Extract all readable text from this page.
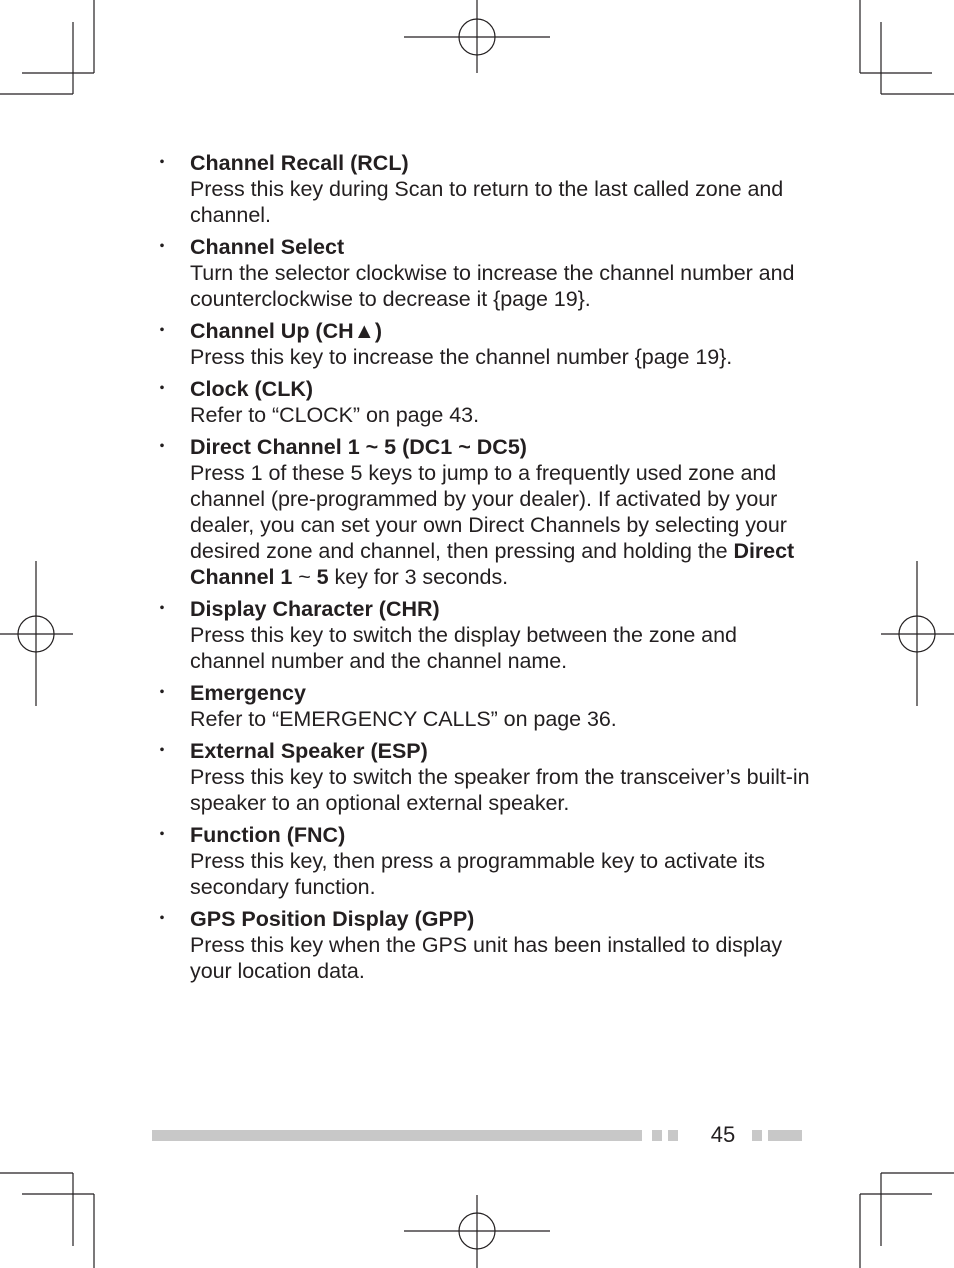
・ Channel Recall (RCL)
Press this key during Scan to return to the last called zone and channel.
・ Channel Select
Turn the selector clockwise to increase the channel number and counterclockwise to decrease it {page 19}.
・ Channel Up (CH▲)
Press this key to increase the channel number {page 19}.
・ Clock (CLK)
Refer to “CLOCK” on page 43.
・ Direct Channel 1 ~ 5 (DC1 ~ DC5)
Press 1 of these 5 keys to jump to a frequently used zone and channel (pre-programmed by your dealer). If activated by your dealer, you can set your own Direct Channels by selecting your desired zone and channel, then pressing and holding the Direct Channel 1 ~ 5 key for 3 seconds.
・ Display Character (CHR)
Press this key to switch the display between the zone and channel number and the channel name.
・ Emergency
Refer to “EMERGENCY CALLS” on page 36.
・ External Speaker (ESP)
Press this key to switch the speaker from the transceiver’s built-in speaker to an optional external speaker.
・ Function (FNC)
Press this key, then press a programmable key to activate its secondary function.
・ GPS Position Display (GPP)
Press this key when the GPS unit has been installed to display your location data.
45
